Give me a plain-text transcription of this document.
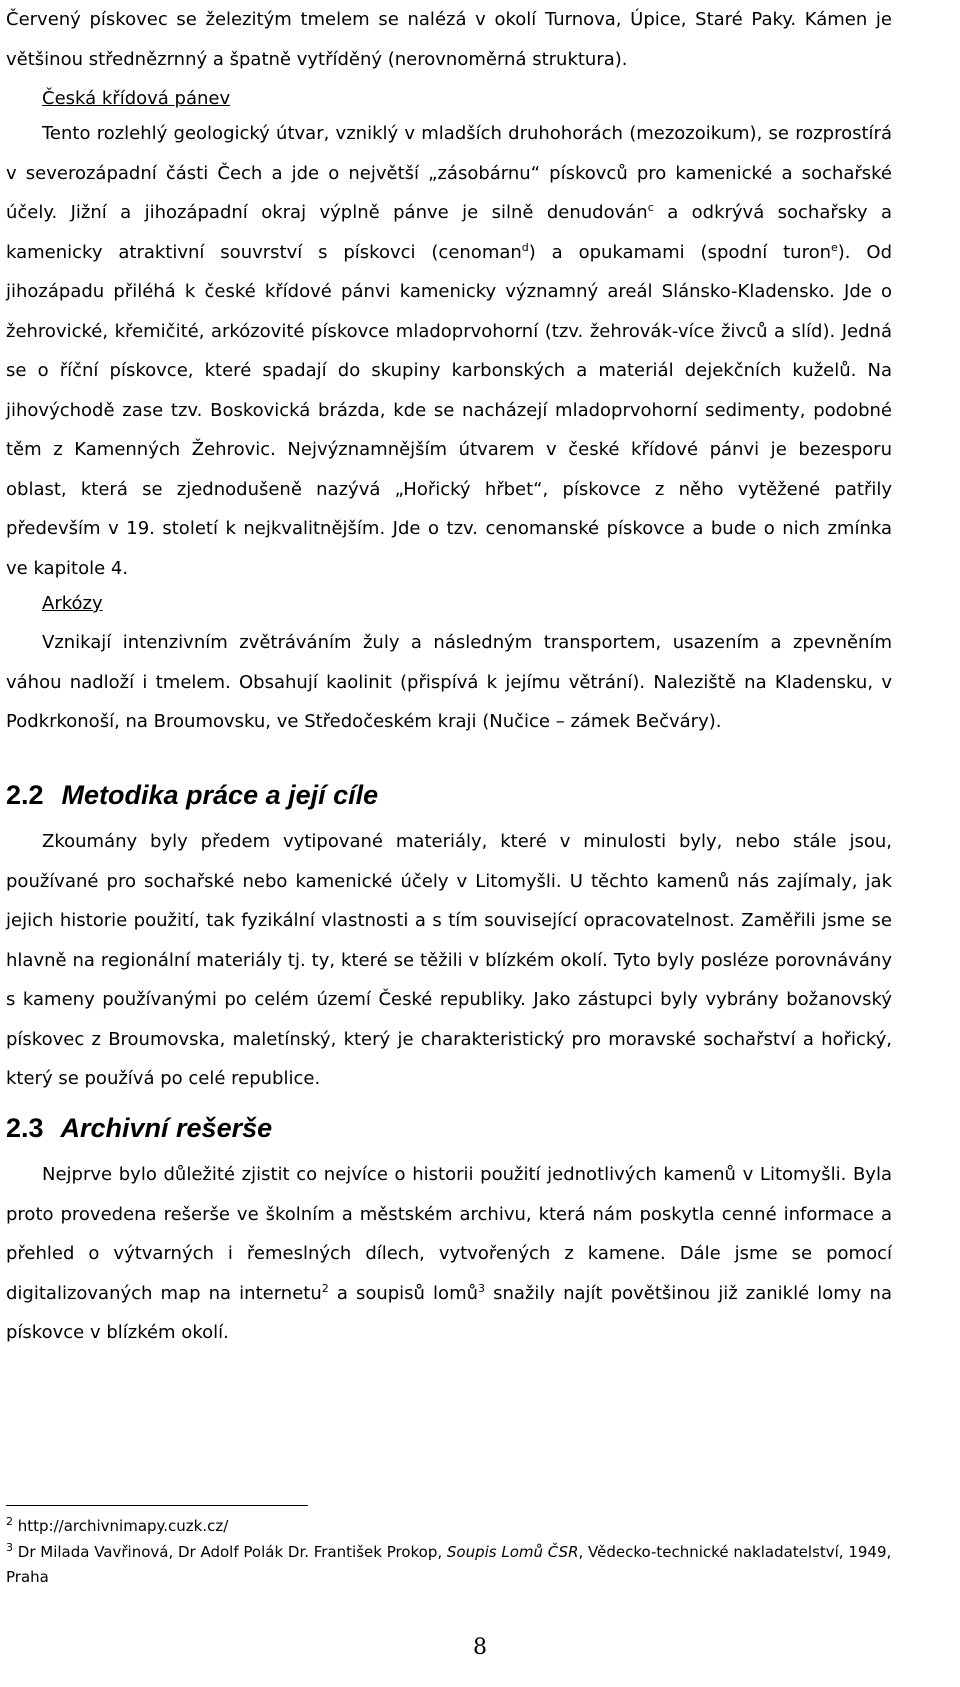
Červený pískovec se železitým tmelem se nalézá v okolí Turnova, Úpice, Staré Paky. Kámen je většinou střednězrnný a špatně vytříděný (nerovnoměrná struktura).

Česká křídová pánev

Tento rozlehlý geologický útvar, vzniklý v mladších druhohorách (mezozoikum), se rozprostírá v severozápadní části Čech a jde o největší „zásobárnu“ pískovců pro kamenické a sochařské účely. Jižní a jihozápadní okraj výplně pánve je silně denudován$^c$ a odkrývá sochařsky a kamenicky atraktivní souvrství s pískovci (cenoman$^d$) a opukamami (spodní turon$^e$). Od jihozápadu přiléhá k české křídové pánvi kamenicky významný areál Slánsko-Kladensko. Jde o žehrovické, křemičité, arkózovité pískovce mladoprvohorní (tzv. žehrovák-více živců a slíd). Jedná se o říční pískovce, které spadají do skupiny karbonských a materiál dejekčních kuželů. Na jihovýchodě zase tzv. Boskovická brázda, kde se nacházejí mladoprvohorní sedimenty, podobné těm z Kamenných Žehrovic. Nejvýznamnějším útvarem v české křídové pánvi je bezesporu oblast, která se zjednodušeně nazývá „Hořický hřbet“, pískovce z něho vytěžené patřily především v 19. století k nejkvalitnějším. Jde o tzv. cenomanské pískovce a bude o nich zmínka ve kapitole 4.

Arkózy

Vznikají intenzivním zvětráváním žuly a následným transportem, usazením a zpevněním váhou nadloží i tmelem. Obsahují kaolinit (přispívá k jejímu větrání). Naleziště na Kladensku, v Podkrkonoší, na Broumovsku, ve Středočeském kraji (Nučice – zámek Bečváry).

2.2 Metodika práce a její cíle

Zkoumány byly předem vytipované materiály, které v minulosti byly, nebo stále jsou, používané pro sochařské nebo kamenické účely v Litomyšli. U těchto kamenů nás zajímaly, jak jejich historie použití, tak fyzikální vlastnosti a s tím související opracovatelnost. Zaměřili jsme se hlavně na regionální materiály tj. ty, které se těžili v blízkém okolí. Tyto byly posléze porovnávány s kameny používanými po celém území České republiky. Jako zástupci byly vybrány božanovský pískovec z Broumovska, maletínský, který je charakteristický pro moravské sochařství a hořický, který se používá po celé republice.

2.3 Archivní rešerše

Nejprve bylo důležité zjistit co nejvíce o historii použití jednotlivých kamenů v Litomyšli. Byla proto provedena rešerše ve školním a městském archivu, která nám poskytla cenné informace a přehled o výtvarných i řemeslných dílech, vytvořených z kamene. Dále jsme se pomocí digitalizovaných map na internetu$^2$ a soupisů lomů$^3$ snažily najít povětšinou již zaniklé lomy na pískovce v blízkém okolí.

$^2$ http://archivnimapy.cuzk.cz/
$^3$ Dr Milada Vavřinová, Dr Adolf Polák Dr. František Prokop, Soupis Lomů ČSR, Vědecko-technické nakladatelství, 1949, Praha
8
